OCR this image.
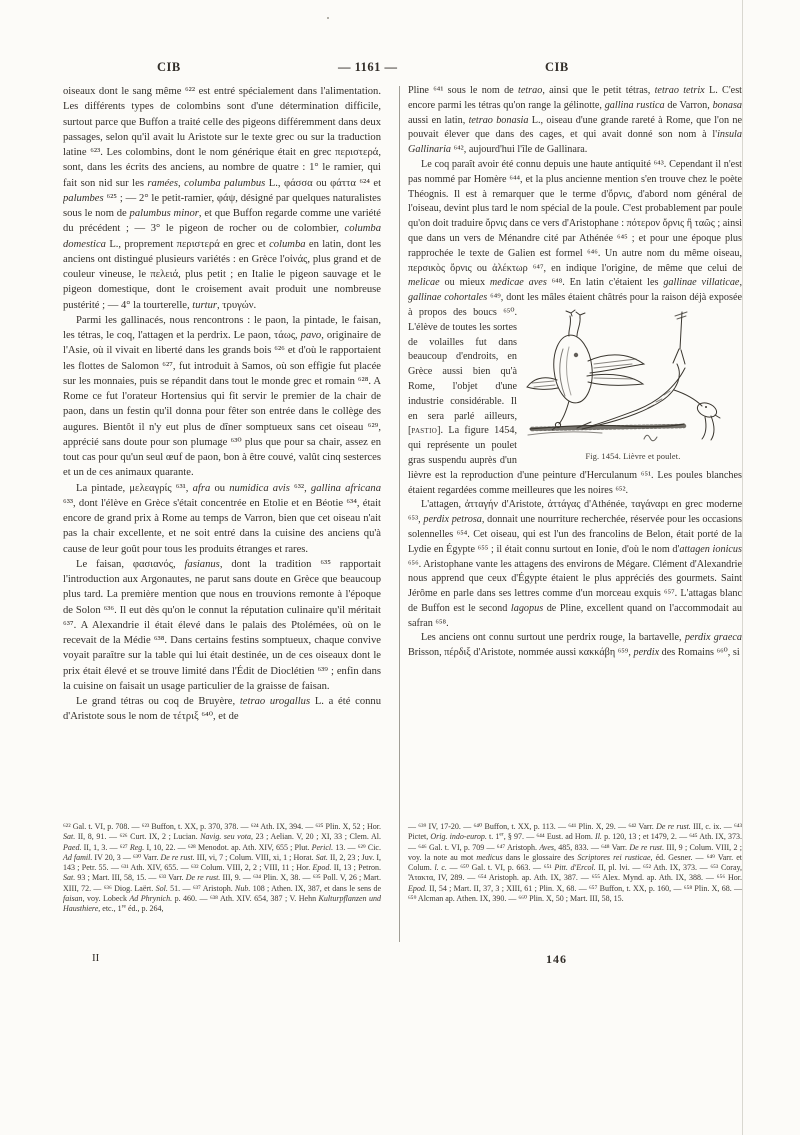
CIB	— 1161 —	CIB

oiseaux dont le sang même ⁶²² est entré spécialement dans l'alimentation. Les différents types de colombins sont d'une détermination difficile, surtout parce que Buffon a traité celle des pigeons différemment dans deux passages, selon qu'il avait lu Aristote sur le texte grec ou sur la traduction latine ⁶²³. Les colombins, dont le nom générique était en grec περιστερά, sont, dans les écrits des anciens, au nombre de quatre : 1° le ramier, qui fait son nid sur les ramées, columba palumbus L., φάσσα ou φάττα ⁶²⁴ et palumbes ⁶²⁵ ; — 2° le petit-ramier, φάψ, désigné par quelques naturalistes sous le nom de palumbus minor, et que Buffon regarde comme une variété du précédent ; — 3° le pigeon de rocher ou de colombier, columba domestica L., proprement περιστερά en grec et columba en latin, dont les anciens ont distingué plusieurs variétés : en Grèce l'οἰνάς, plus grand et de couleur vineuse, le πελειά, plus petit ; en Italie le pigeon sauvage et le pigeon domestique, dont le croisement avait produit une nombreuse pustérité ; — 4° la tourterelle, turtur, τρυγών.

Parmi les gallinacés, nous rencontrons : le paon, la pintade, le faisan, les tétras, le coq, l'attagen et la perdrix. Le paon, τάως, pavo, originaire de l'Asie, où il vivait en liberté dans les grands bois ⁶²⁶ et d'où le rapportaient les flottes de Salomon ⁶²⁷, fut introduit à Samos, où son effigie fut placée sur les monnaies, puis se répandit dans tout le monde grec et romain ⁶²⁸. A Rome ce fut l'orateur Hortensius qui fit servir le premier de la chair de paon, dans un festin qu'il donna pour fêter son entrée dans le collège des augures. Bientôt il n'y eut plus de dîner somptueux sans cet oiseau ⁶²⁹, apprécié sans doute pour son plumage ⁶³⁰ plus que pour sa chair, assez en tout cas pour qu'un seul œuf de paon, bon à être couvé, valût cinq sesterces et un de ces animaux quarante.

La pintade, μελεαγρίς ⁶³¹, afra ou numidica avis ⁶³², gallina africana ⁶³³, dont l'élève en Grèce s'était concentrée en Etolie et en Béotie ⁶³⁴, était encore de grand prix à Rome au temps de Varron, bien que cet oiseau n'ait pas la chair excellente, et ne soit entré dans la cuisine des anciens qu'à cause de leur goût pour tous les produits étranges et rares.

Le faisan, φασιανός, fasianus, dont la tradition ⁶³⁵ rapportait l'introduction aux Argonautes, ne parut sans doute en Grèce que beaucoup plus tard. La première mention que nous en trouvions remonte à l'époque de Solon ⁶³⁶. Il eut dès qu'on le connut la réputation culinaire qu'il méritait ⁶³⁷. A Alexandrie il était élevé dans le palais des Ptolémées, où on le recevait de la Médie ⁶³⁸. Dans certains festins somptueux, chaque convive voyait paraître sur la table qui lui était destinée, un de ces oiseaux dont le prix était élevé et se trouve limité dans l'Édit de Dioclétien ⁶³⁹ ; enfin dans la cuisine on faisait un usage particulier de la graisse de faisan.

Le grand tétras ou coq de Bruyère, tetrao urogallus L. a été connu d'Aristote sous le nom de τέτριξ ⁶⁴⁰, et de

Pline ⁶⁴¹ sous le nom de tetrao, ainsi que le petit tétras, tetrao tetrix L. C'est encore parmi les tétras qu'on range la gélinotte, gallina rustica de Varron, bonasa aussi en latin, tetrao bonasia L., oiseau d'une grande rareté à Rome, que l'on ne pouvait élever que dans des cages, et qui avait donné son nom à l'insula Gallinaria ⁶⁴², aujourd'hui l'île de Gallinara.

Le coq paraît avoir été connu depuis une haute antiquité ⁶⁴³. Cependant il n'est pas nommé par Homère ⁶⁴⁴, et la plus ancienne mention s'en trouve chez le poète Théognis. Il est à remarquer que le terme d'ὄρνις, d'abord nom général de l'oiseau, devint plus tard le nom spécial de la poule. C'est probablement par poule qu'on doit traduire ὄρνις dans ce vers d'Aristophane : πότερον ὄρνις ἢ ταῶς ; ainsi que dans un vers de Ménandre cité par Athénée ⁶⁴⁵ ; et pour une époque plus rapprochée le texte de Galien est formel ⁶⁴⁶. Un autre nom du même oiseau, περσικὸς ὄρνις ou ἀλέκτωρ ⁶⁴⁷, en indique l'origine, de même que celui de melicae ou mieux medicae aves ⁶⁴⁸. En latin c'étaient les gallinae villaticae, gallinae cohortales ⁶⁴⁹, dont les mâles
Fig. 1454. Lièvre et poulet.
étaient châtrés pour la raison déjà exposée à propos des boucs ⁶⁵⁰. L'élève de toutes les sortes de volailles fut dans beaucoup d'endroits, en Grèce aussi bien qu'à Rome, l'objet d'une industrie considérable. Il en sera parlé ailleurs, [pastio]. La figure 1454, qui représente un poulet gras suspendu auprès d'un lièvre est la reproduction d'une peinture d'Herculanum ⁶⁵¹. Les poules blanches étaient regardées comme meilleures que les noires ⁶⁵².

L'attagen, ἀτταγήν d'Aristote, ἀττάγας d'Athénée, ταγάναρι en grec moderne ⁶⁵³, perdix petrosa, donnait une nourriture recherchée, réservée pour les occasions solennelles ⁶⁵⁴. Cet oiseau, qui est l'un des francolins de Belon, était porté de la Lydie en Égypte ⁶⁵⁵ ; il était connu surtout en Ionie, d'où le nom d'attagen ionicus ⁶⁵⁶. Aristophane vante les attagens des environs de Mégare. Clément d'Alexandrie nous apprend que ceux d'Égypte étaient le plus appréciés des gourmets. Saint Jérôme en parle dans ses lettres comme d'un morceau exquis ⁶⁵⁷. L'attagas blanc de Buffon est le second lagopus de Pline, excellent quand on l'accommodait au safran ⁶⁵⁸.

Les anciens ont connu surtout une perdrix rouge, la bartavelle, perdix graeca Brisson, πέρδιξ d'Aristote, nommée aussi κακκάβη ⁶⁵⁹, perdix des Romains ⁶⁶⁰, si

⁶²² Gal. t. VI, p. 708. — ⁶²³ Buffon, t. XX, p. 370, 378. — ⁶²⁴ Ath. IX, 394. — ⁶²⁵ Plin. X, 52 ; Hor. Sat. II, 8, 91. — ⁶²⁶ Curt. IX, 2 ; Lucian. Navig. seu vota, 23 ; Aelian. V, 20 ; XI, 33 ; Clem. Al. Paed. II, 1, 3. — ⁶²⁷ Reg. I, 10, 22. — ⁶²⁸ Menodot. ap. Ath. XIV, 655 ; Plut. Pericl. 13. — ⁶²⁹ Cic. Ad famil. IV 20, 3 — ⁶³⁰ Varr. De re rust. III, vi, 7 ; Colum. VIII, xi, 1 ; Horat. Sat. II, 2, 23 ; Juv. I, 143 ; Petr. 55. — ⁶³¹ Ath. XIV, 655. — ⁶³² Colum. VIII, 2, 2 ; VIII, 11 ; Hor. Epod. II, 13 ; Petron. Sat. 93 ; Mart. III, 58, 15. — ⁶³³ Varr. De re rust. III, 9. — ⁶³⁴ Plin. X, 38. — ⁶³⁵ Poll. V, 26 ; Mart. XIII, 72. — ⁶³⁶ Diog. Laërt. Sol. 51. — ⁶³⁷ Aristoph. Nub. 108 ; Athen. IX, 387, et dans le sens de faisan, voy. Lobeck Ad Phrynich. p. 460. — ⁶³⁸ Ath. XIV. 654, 387 ; V. Hehn Kulturpflanzen und Hausthiere, etc., 1re éd., p. 264,
— ⁶³⁹ IV, 17-20. — ⁶⁴⁰ Buffon, t. XX, p. 113. — ⁶⁴¹ Plin. X, 29. — ⁶⁴² Varr. De re rust. III, c. ix. — ⁶⁴³ Pictet, Orig. indo-europ. t. 1er, § 97. — ⁶⁴⁴ Eust. ad Hom. Il. p. 120, 13 ; et 1479, 2. — ⁶⁴⁵ Ath. IX, 373. — ⁶⁴⁶ Gal. t. VI, p. 709 — ⁶⁴⁷ Aristoph. Aves, 485, 833. — ⁶⁴⁸ Varr. De re rust. III, 9 ; Colum. VIII, 2 ; voy. la note au mot medicus dans le glossaire des Scriptores rei rusticae, éd. Gesner. — ⁶⁴⁹ Varr. et Colum. l. c. — ⁶⁵⁰ Gal. t. VI, p. 663. — ⁶⁵¹ Pitt. d'Ercol. II, pl. lvi. — ⁶⁵² Ath. IX, 373. — ⁶⁵³ Coray, Ἄτακτα, IV, 289. — ⁶⁵⁴ Aristoph. ap. Ath. IX, 387. — ⁶⁵⁵ Alex. Mynd. ap. Ath. IX, 388. — ⁶⁵⁶ Hor. Epod. II, 54 ; Mart. II, 37, 3 ; XIII, 61 ; Plin. X, 68. — ⁶⁵⁷ Buffon, t. XX, p. 160, — ⁶⁵⁸ Plin. X, 68. — ⁶⁵⁹ Alcman ap. Athen. IX, 390. — ⁶⁶⁰ Plin. X, 50 ; Mart. III, 58, 15.
II	146
